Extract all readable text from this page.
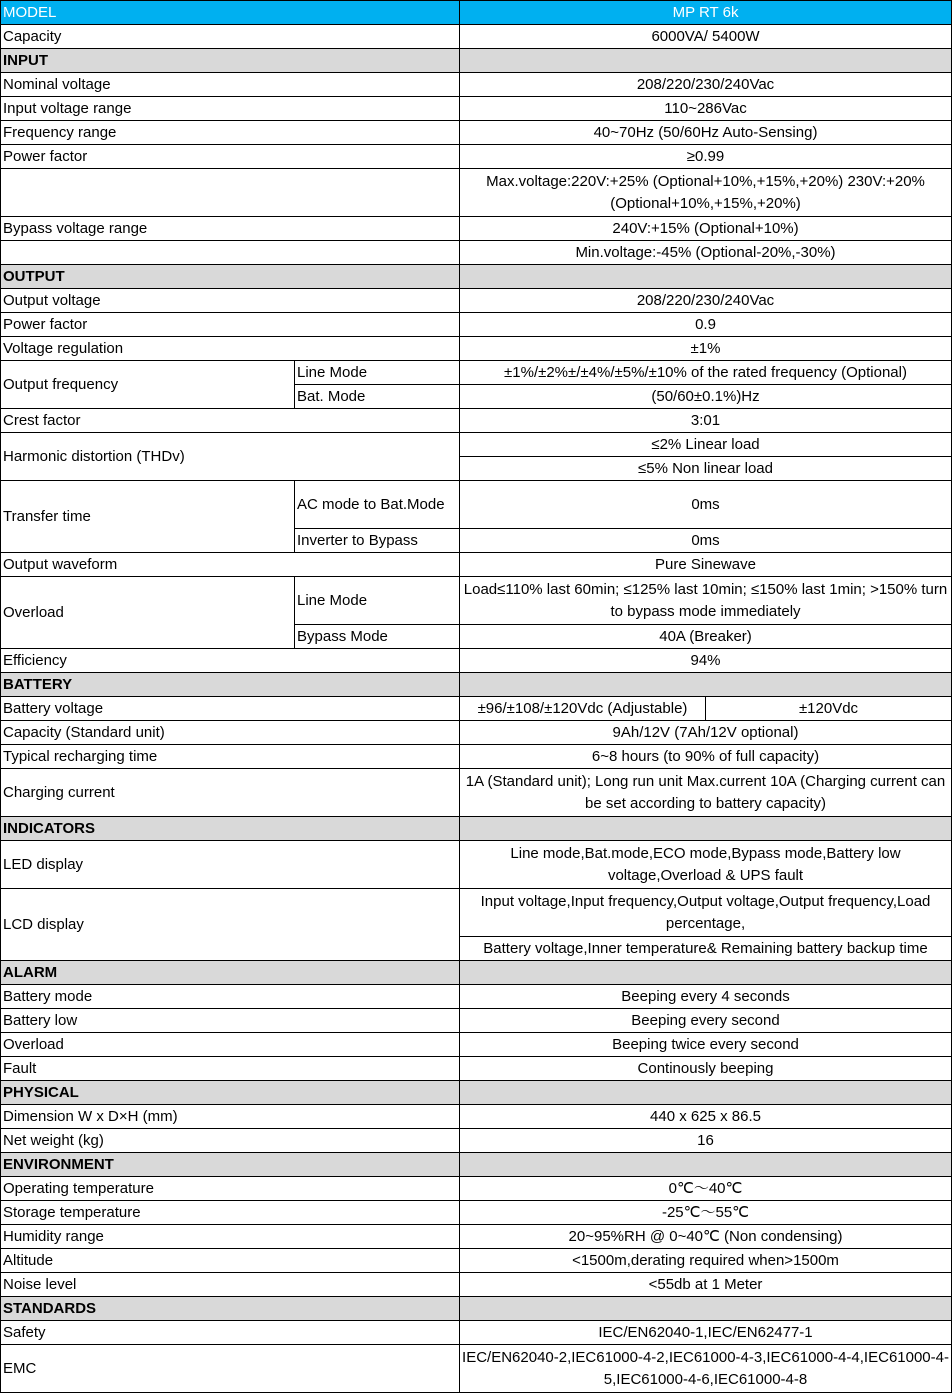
MODEL		MP RT 6k	
Capacity		6000VA/ 5400W	
INPUT			
Nominal voltage		208/220/230/240Vac	
Input voltage range		110~286Vac	
Frequency range		40~70Hz (50/60Hz Auto-Sensing)	
Power factor		≥0.99	
		Max.voltage:220V:+25% (Optional+10%,+15%,+20%) 230V:+20% (Optional+10%,+15%,+20%)	
Bypass voltage range		240V:+15% (Optional+10%)	
		Min.voltage:-45% (Optional-20%,-30%)	
OUTPUT			
Output voltage		208/220/230/240Vac	
Power factor		0.9	
Voltage regulation		±1%	
Output frequency	Line Mode	±1%/±2%±/±4%/±5%/±10% of the rated frequency (Optional)	
	Bat. Mode	(50/60±0.1%)Hz	
Crest factor		3:01	
Harmonic distortion (THDv)		≤2% Linear load	
		≤5% Non linear load	
Transfer time	AC mode to Bat.Mode	0ms	
	Inverter to Bypass	0ms	
Output waveform		Pure Sinewave	
Overload	Line Mode	Load≤110% last 60min; ≤125% last 10min; ≤150% last 1min; >150% turn to bypass mode immediately	
	Bypass Mode	40A (Breaker)	
Efficiency		94%	
BATTERY			
Battery voltage		±96/±108/±120Vdc (Adjustable)	±120Vdc
Capacity (Standard unit)		9Ah/12V (7Ah/12V optional)	
Typical recharging time		6~8 hours (to 90% of full capacity)	
Charging current		1A (Standard unit); Long run unit Max.current 10A (Charging current can be set according to battery capacity)	
INDICATORS			
LED display		Line mode,Bat.mode,ECO mode,Bypass mode,Battery low voltage,Overload & UPS fault	
LCD display		Input voltage,Input frequency,Output voltage,Output frequency,Load percentage,	
		Battery voltage,Inner temperature& Remaining battery backup time	
ALARM			
Battery mode		Beeping every 4 seconds	
Battery low		Beeping every second	
Overload		Beeping twice every second	
Fault		Continously beeping	
PHYSICAL			
Dimension W x D×H (mm)		440 x 625 x 86.5	
Net weight (kg)		16	
ENVIRONMENT			
Operating temperature		0℃～40℃	
Storage temperature		-25℃～55℃	
Humidity range		20~95%RH @ 0~40℃ (Non condensing)	
Altitude		<1500m,derating required when>1500m	
Noise level		<55db at 1 Meter	
STANDARDS			
Safety		IEC/EN62040-1,IEC/EN62477-1	
EMC		IEC/EN62040-2,IEC61000-4-2,IEC61000-4-3,IEC61000-4-4,IEC61000-4-5,IEC61000-4-6,IEC61000-4-8	
